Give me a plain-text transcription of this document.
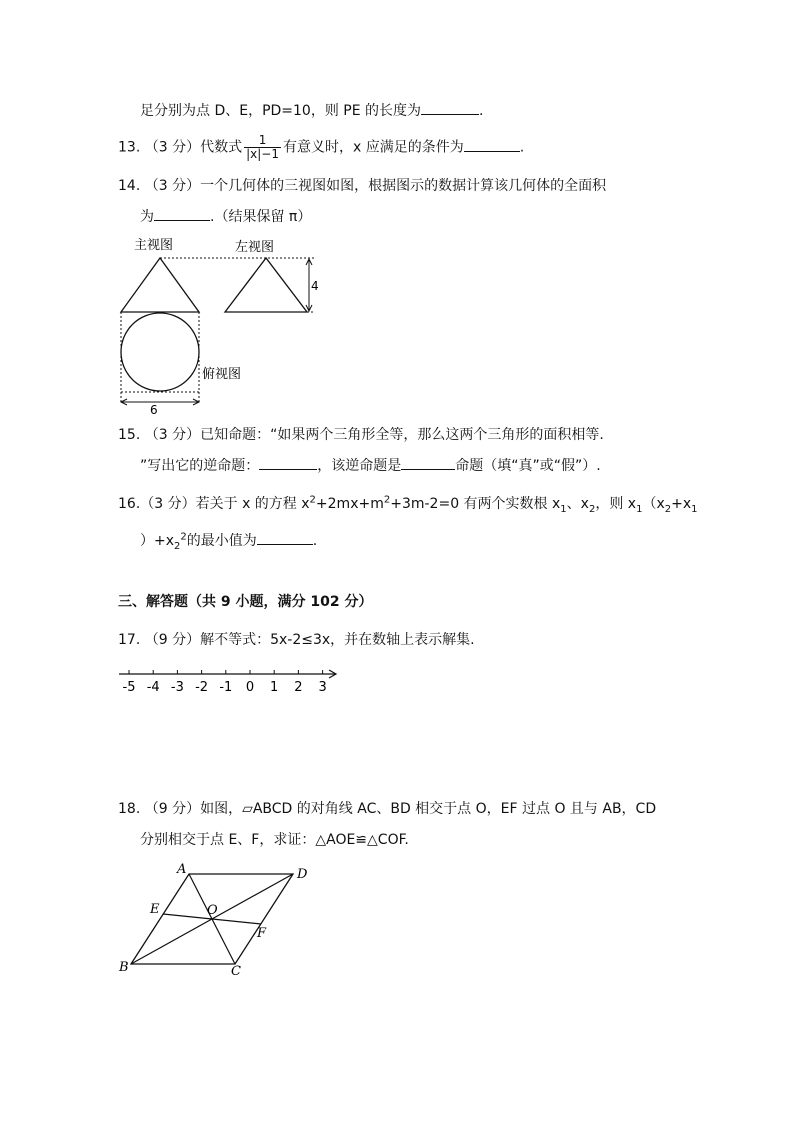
足分别为点 D、E，PD=10，则 PE 的长度为	.
13. （3 分）代数式 $\frac{1}{|x|-1}$ 有意义时，x 应满足的条件为	.
14. （3 分）一个几何体的三视图如图，根据图示的数据计算该几何体的全面积
为	.（结果保留 π）
主视图	左视图
4
俯视图
6
15. （3 分）已知命题：“如果两个三角形全等，那么这两个三角形的面积相等.
”写出它的逆命题：	，该逆命题是	命题（填“真”或“假”）.
16.（3 分）若关于 x 的方程 $x^2+2mx+m^2+3m-2=0$ 有两个实数根 $x_1$、$x_2$，则 $x_1(x_2+x_1$
）$+x_2^2$的最小值为	.
三、解答题（共 9 小题，满分 102 分）
17. （9 分）解不等式：5x-2≤3x，并在数轴上表示解集.
-5 -4 -3 -2 -1 0 1 2 3
18. （9 分）如图，▱ABCD 的对角线 AC、BD 相交于点 O，EF 过点 O 且与 AB，CD
分别相交于点 E、F，求证：△AOE≌△COF.
A	D
B	C
E
F
O
